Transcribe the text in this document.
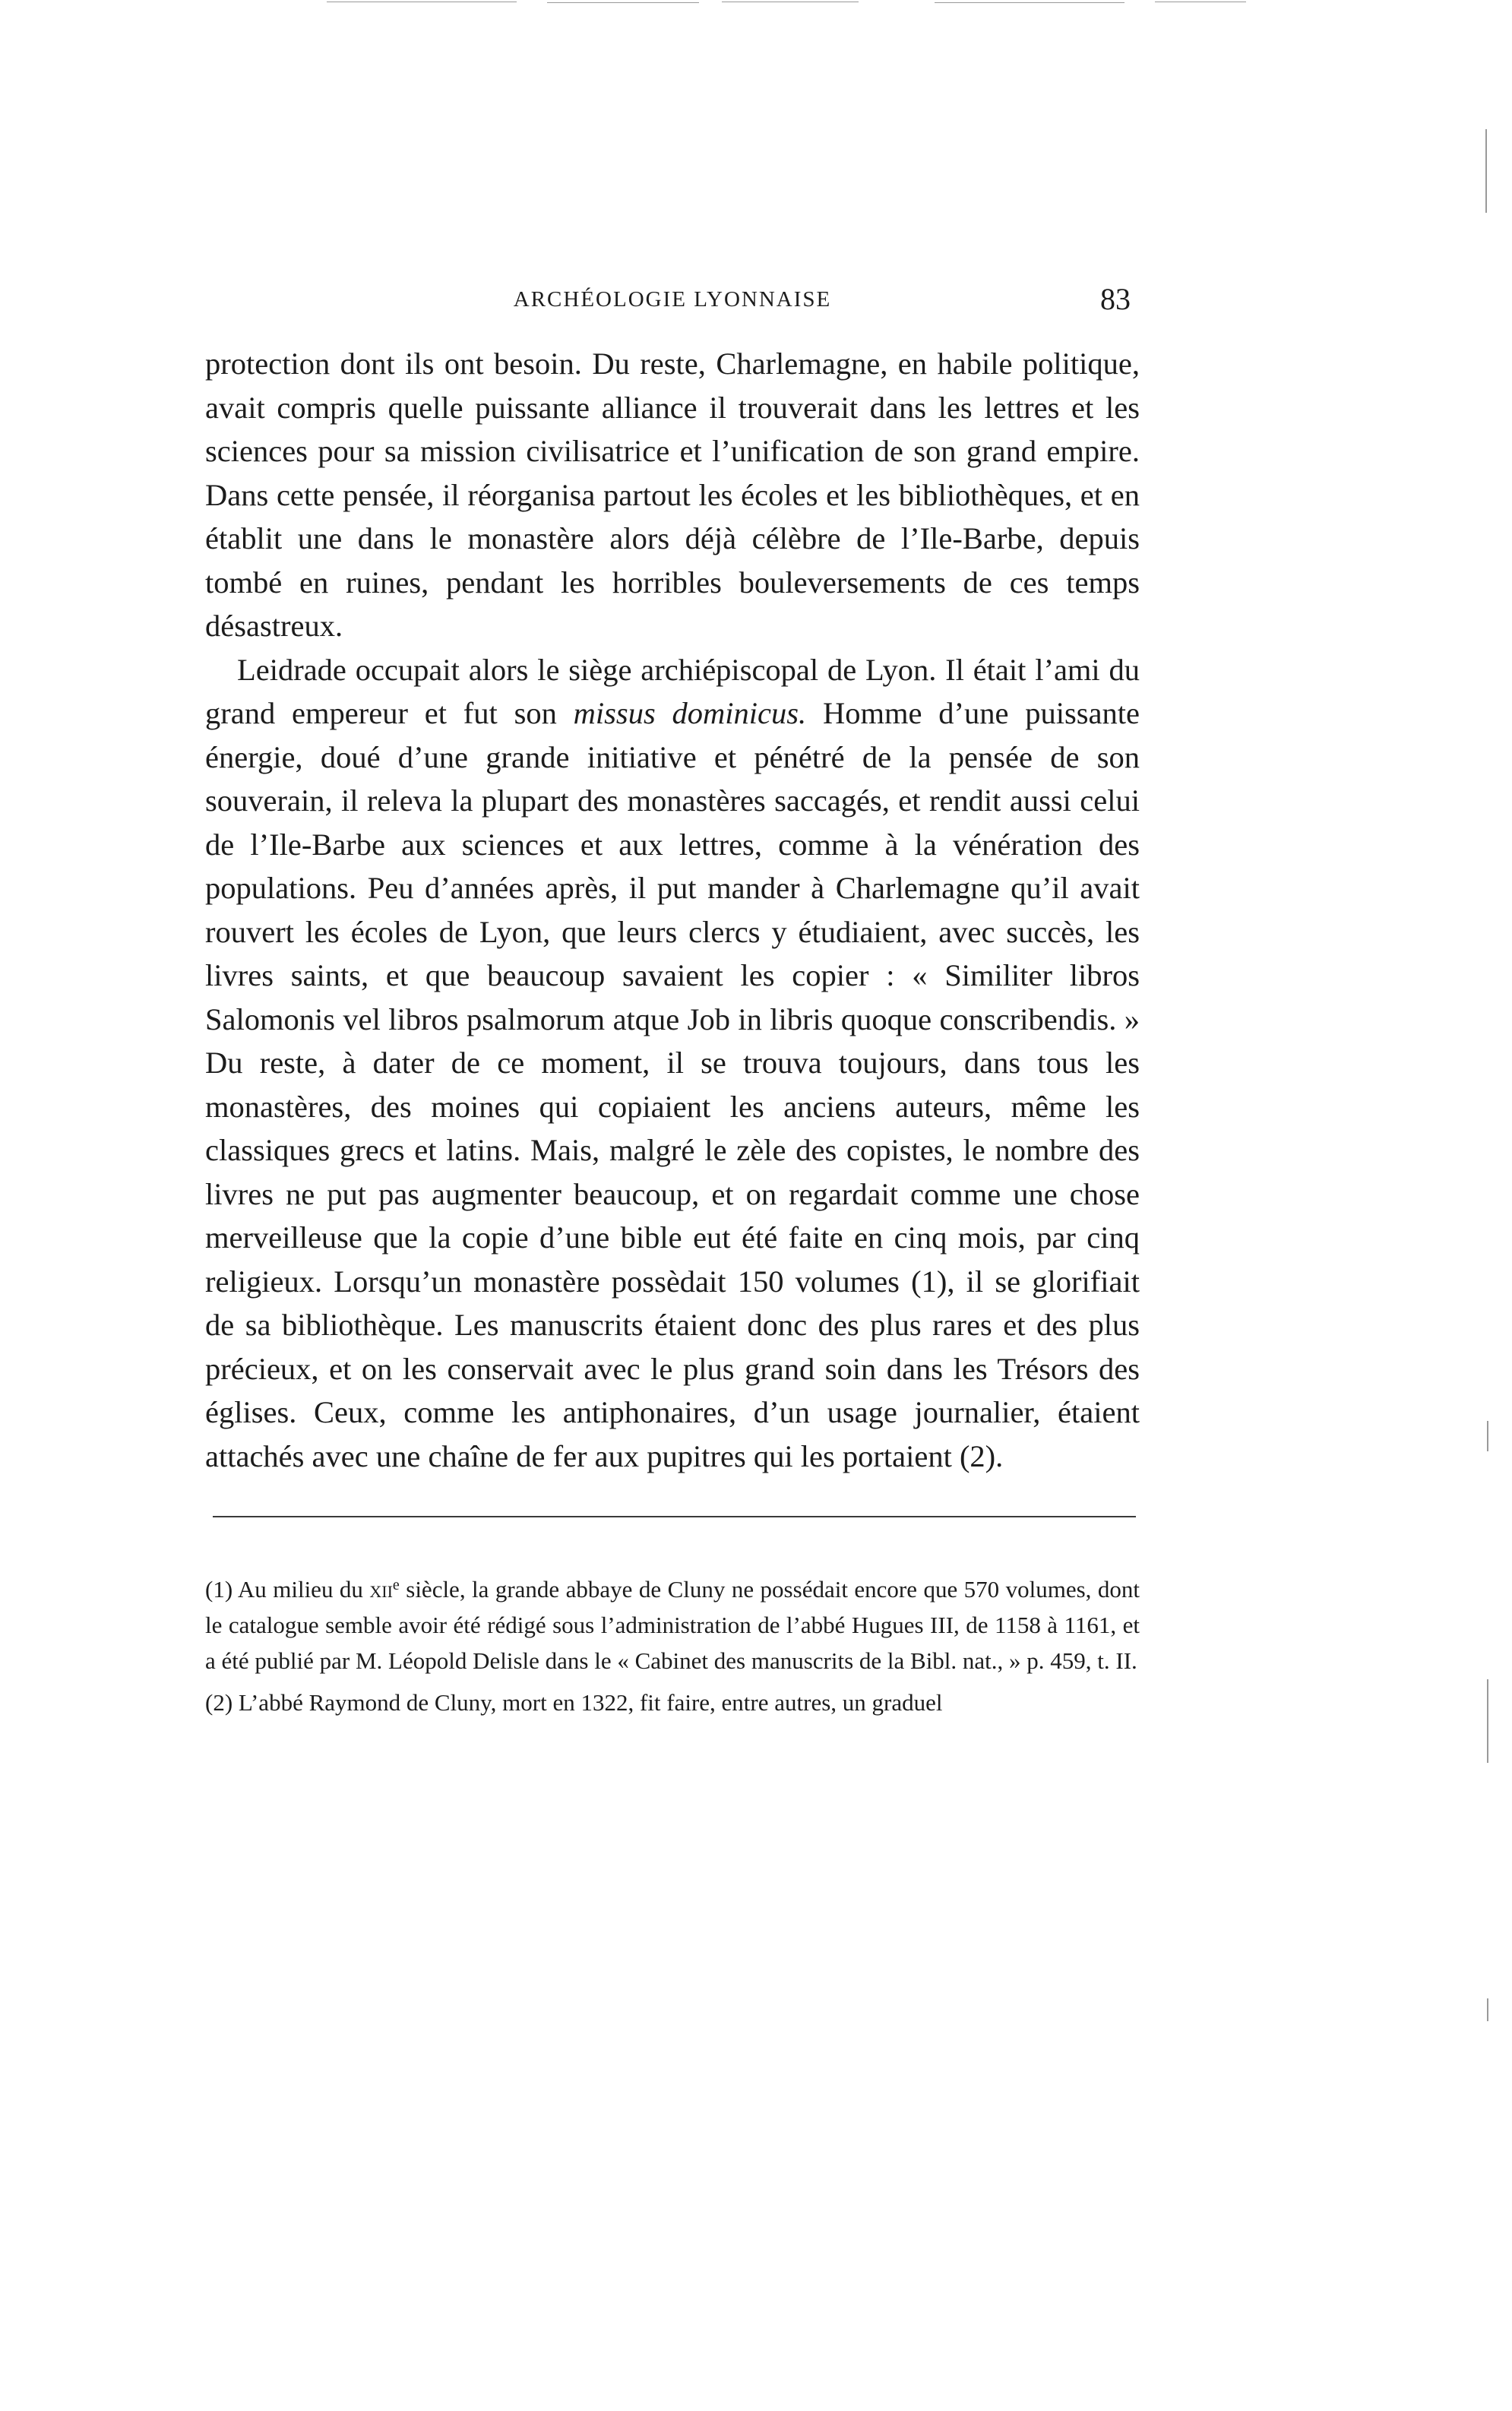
ARCHÉOLOGIE LYONNAISE	83

protection dont ils ont besoin. Du reste, Charlemagne, en habile politique, avait compris quelle puissante alliance il trouverait dans les lettres et les sciences pour sa mission civilisatrice et l’unification de son grand empire. Dans cette pensée, il réorganisa partout les écoles et les bibliothèques, et en établit une dans le monastère alors déjà célèbre de l’Ile-Barbe, depuis tombé en ruines, pendant les horribles bouleversements de ces temps désastreux.

Leidrade occupait alors le siège archiépiscopal de Lyon. Il était l’ami du grand empereur et fut son missus dominicus. Homme d’une puissante énergie, doué d’une grande initiative et pénétré de la pensée de son souverain, il releva la plupart des monastères saccagés, et rendit aussi celui de l’Ile-Barbe aux sciences et aux lettres, comme à la vénération des populations. Peu d’années après, il put mander à Charlemagne qu’il avait rouvert les écoles de Lyon, que leurs clercs y étudiaient, avec succès, les livres saints, et que beaucoup savaient les copier : « Similiter libros Salomonis vel libros psalmorum atque Job in libris quoque conscribendis. » Du reste, à dater de ce moment, il se trouva toujours, dans tous les monastères, des moines qui copiaient les anciens auteurs, même les classiques grecs et latins. Mais, malgré le zèle des copistes, le nombre des livres ne put pas augmenter beaucoup, et on regardait comme une chose merveilleuse que la copie d’une bible eut été faite en cinq mois, par cinq religieux. Lorsqu’un monastère possèdait 150 volumes (1), il se glorifiait de sa bibliothèque. Les manuscrits étaient donc des plus rares et des plus précieux, et on les conservait avec le plus grand soin dans les Trésors des églises. Ceux, comme les antiphonaires, d’un usage journalier, étaient attachés avec une chaîne de fer aux pupitres qui les portaient (2).

(1) Au milieu du xii$^e$ siècle, la grande abbaye de Cluny ne possédait encore que 570 volumes, dont le catalogue semble avoir été rédigé sous l’administration de l’abbé Hugues III, de 1158 à 1161, et a été publié par M. Léopold Delisle dans le « Cabinet des manuscrits de la Bibl. nat., » p. 459, t. II.

(2) L’abbé Raymond de Cluny, mort en 1322, fit faire, entre autres, un graduel
